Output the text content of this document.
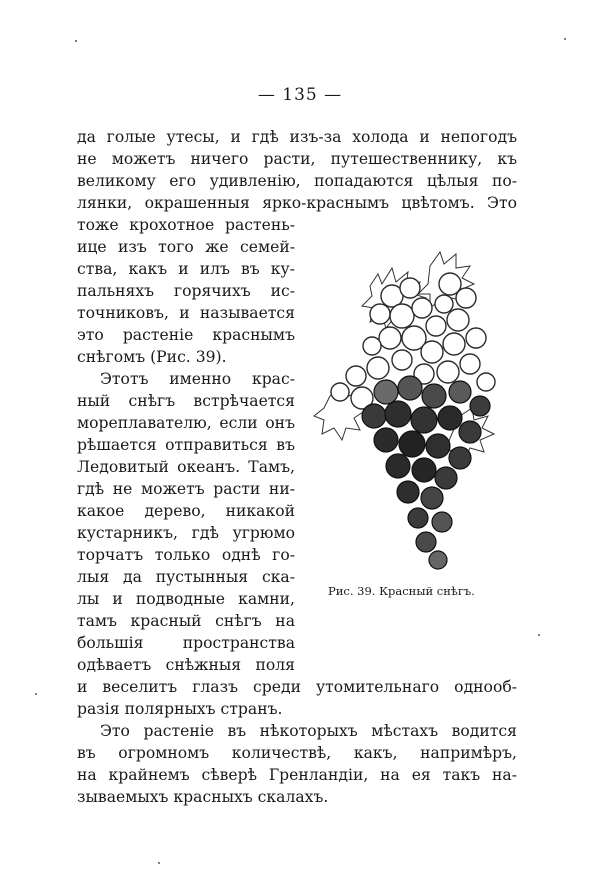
— 135 —
да голые утесы, и гдѣ изъ-за холода и непогодъ
не можетъ ничего расти, путешественнику, къ
великому его удивленію, попадаются цѣлыя по-
лянки, окрашенныя ярко-краснымъ цвѣтомъ. Это
тоже крохотное растень-
ице изъ того же семей-
ства, какъ и илъ въ ку-
пальняхъ горячихъ ис-
точниковъ, и называется
это растеніе краснымъ
снѣгомъ (Рис. 39).
Этотъ именно крас-
ный снѣгъ встрѣчается
мореплавателю, если онъ
рѣшается отправиться въ
Ледовитый океанъ. Тамъ,
гдѣ не можетъ расти ни-
какое дерево, никакой
кустарникъ, гдѣ угрюмо
торчатъ только однѣ го-
лыя да пустынныя ска-
лы и подводные камни,
тамъ красный снѣгъ на
большія пространства
одѣваетъ снѣжныя поля
и веселитъ глазъ среди утомительнаго однооб-
разія полярныхъ странъ.
Это растеніе въ нѣкоторыхъ мѣстахъ водится
въ огромномъ количествѣ, какъ, напримѣръ,
на крайнемъ сѣверѣ Гренландіи, на ея такъ на-
зываемыхъ красныхъ скалахъ.
Рис. 39. Красный снѣгъ.
